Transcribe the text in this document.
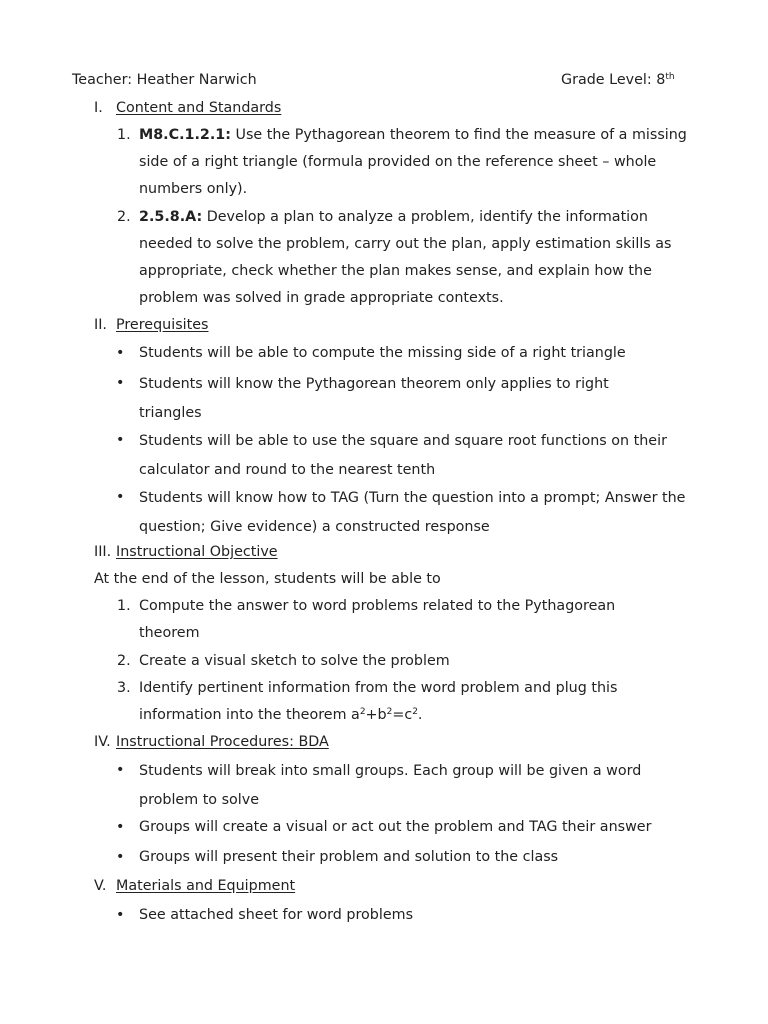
Teacher: Heather Narwich	Grade Level: 8th
I. Content and Standards
1. M8.C.1.2.1: Use the Pythagorean theorem to find the measure of a missing side of a right triangle (formula provided on the reference sheet – whole numbers only).
2. 2.5.8.A: Develop a plan to analyze a problem, identify the information needed to solve the problem, carry out the plan, apply estimation skills as appropriate, check whether the plan makes sense, and explain how the problem was solved in grade appropriate contexts.
II. Prerequisites
• Students will be able to compute the missing side of a right triangle
• Students will know the Pythagorean theorem only applies to right triangles
• Students will be able to use the square and square root functions on their calculator and round to the nearest tenth
• Students will know how to TAG (Turn the question into a prompt; Answer the question; Give evidence) a constructed response
III. Instructional Objective
At the end of the lesson, students will be able to
1. Compute the answer to word problems related to the Pythagorean theorem
2. Create a visual sketch to solve the problem
3. Identify pertinent information from the word problem and plug this information into the theorem $a^2+b^2=c^2$.
IV. Instructional Procedures: BDA
• Students will break into small groups. Each group will be given a word problem to solve
• Groups will create a visual or act out the problem and TAG their answer
• Groups will present their problem and solution to the class
V. Materials and Equipment
• See attached sheet for word problems
